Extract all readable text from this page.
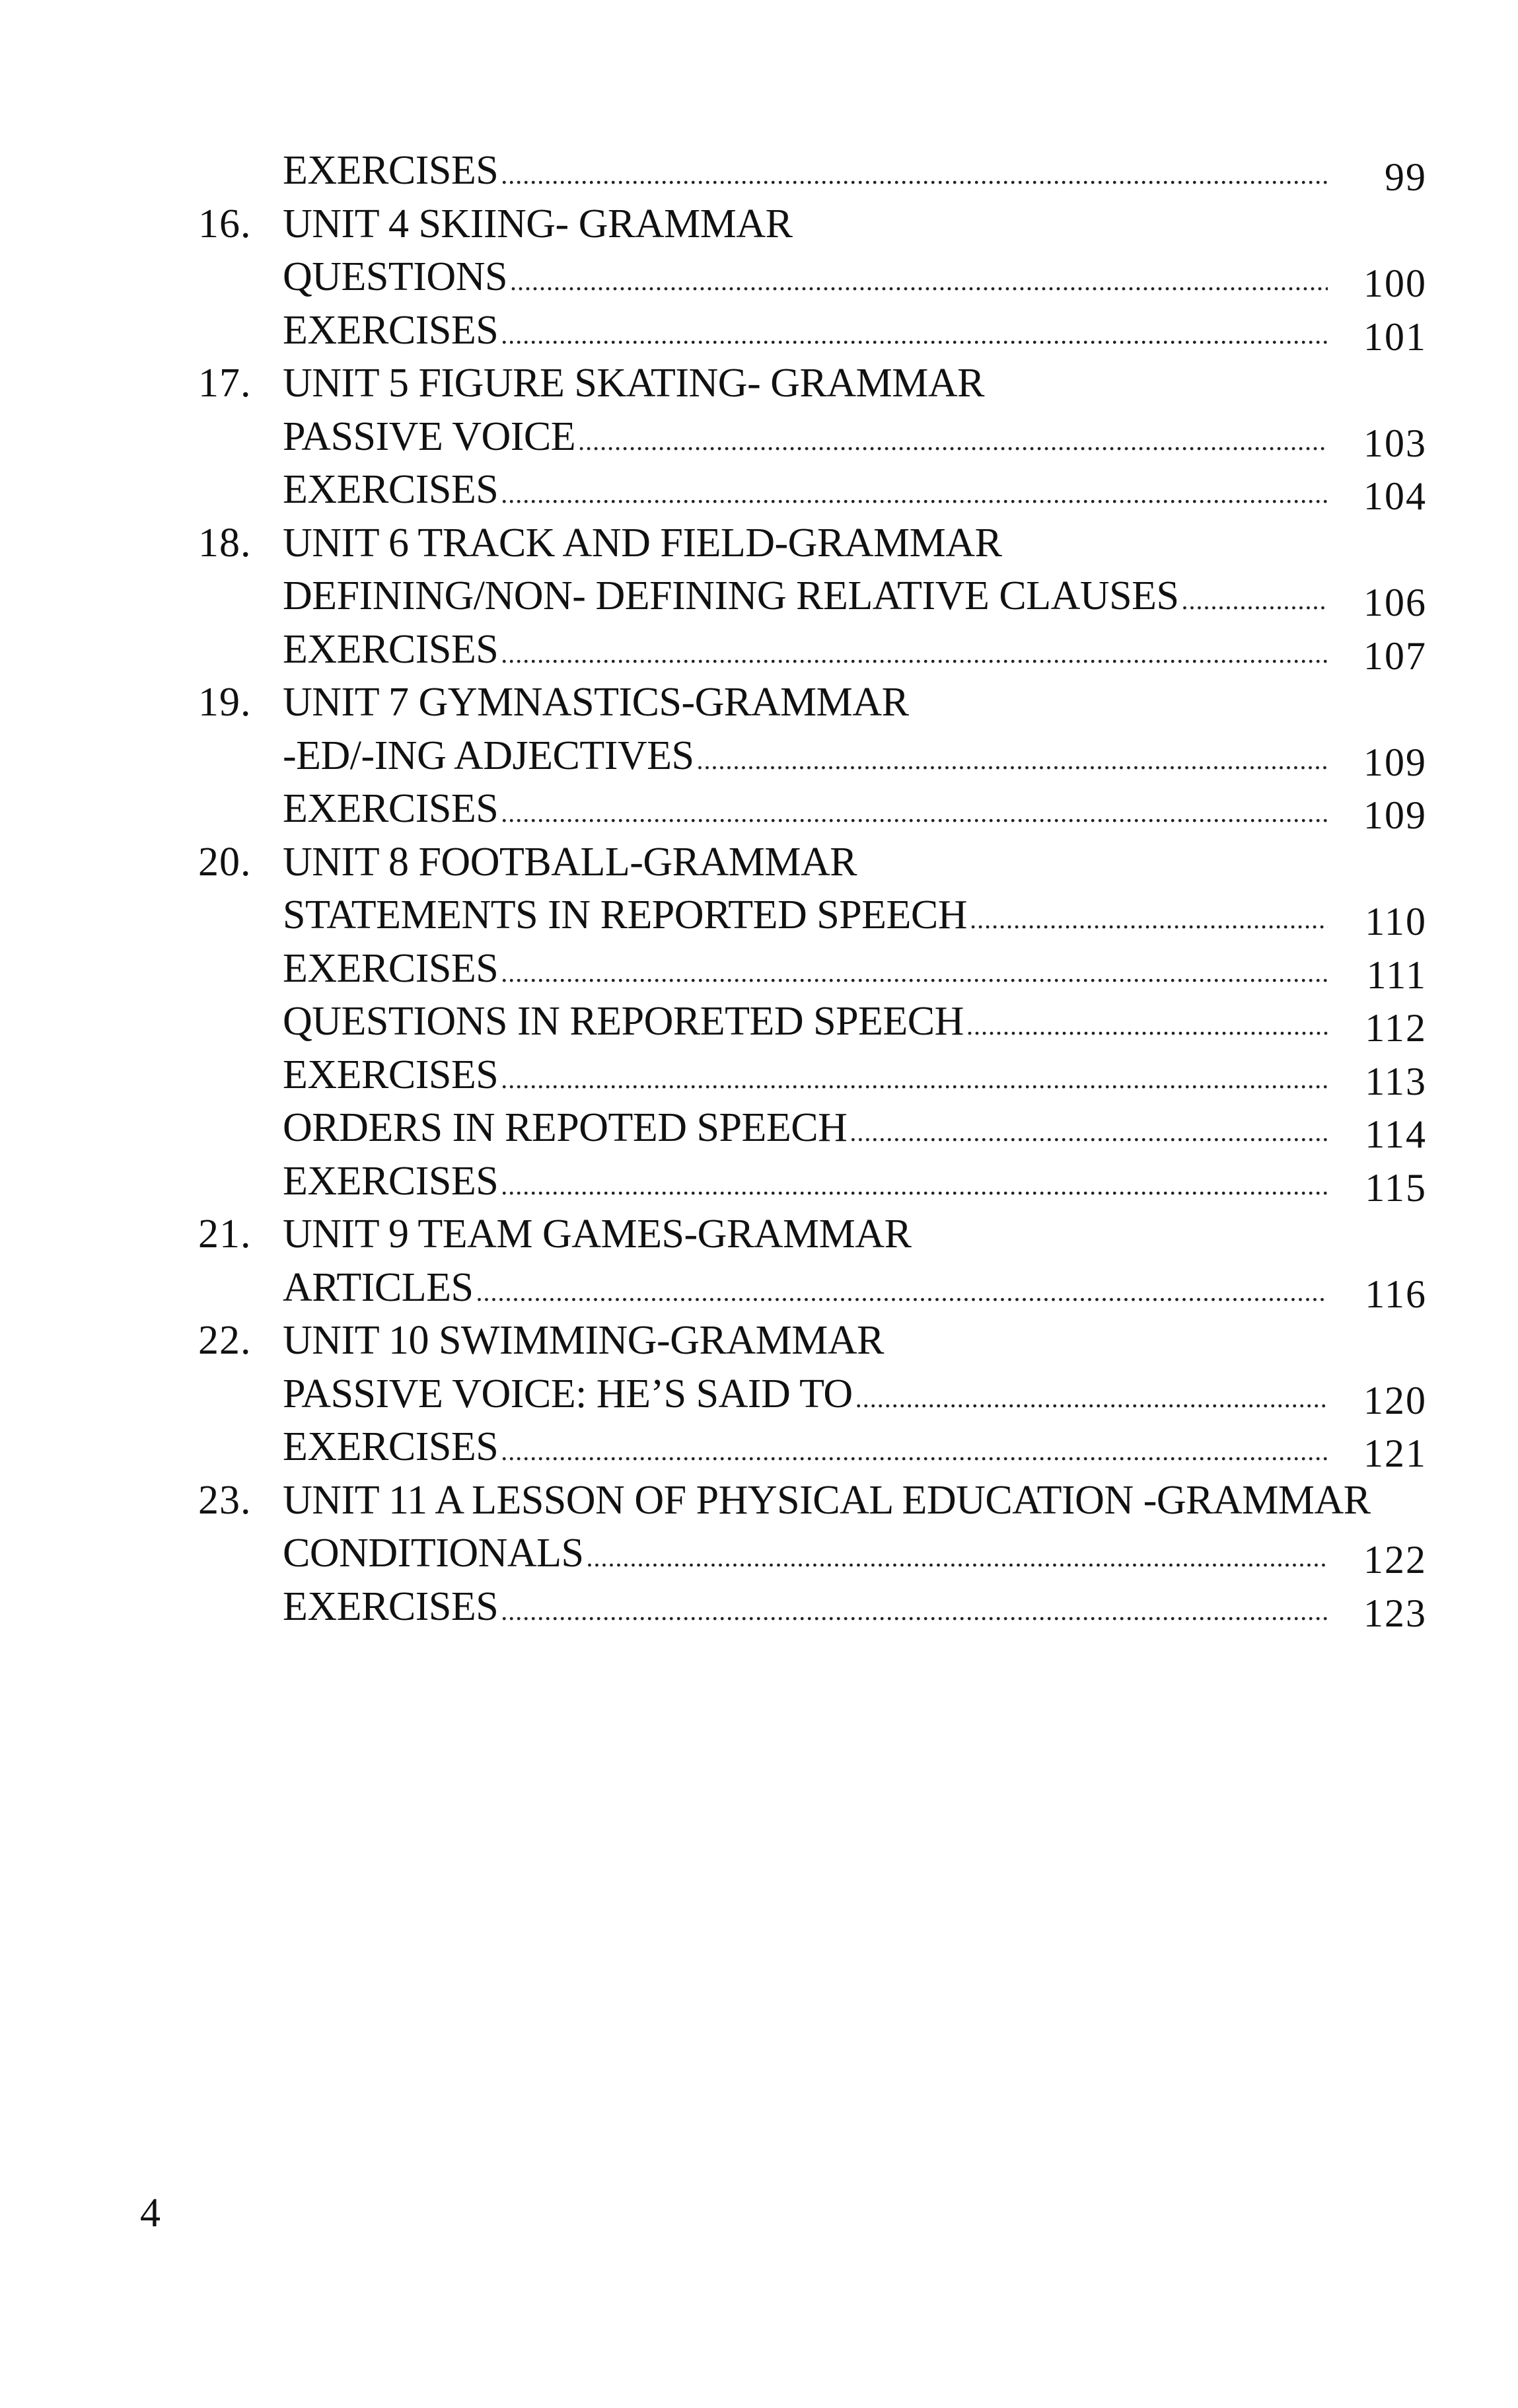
EXERCISES .....	99
16. UNIT 4 SKIING- GRAMMAR
QUESTIONS .....	100
EXERCISES .....	101
17. UNIT 5 FIGURE SKATING- GRAMMAR
PASSIVE VOICE .....	103
EXERCISES .....	104
18. UNIT 6 TRACK AND FIELD-GRAMMAR
DEFINING/NON- DEFINING RELATIVE CLAUSES .....	106
EXERCISES .....	107
19. UNIT 7 GYMNASTICS-GRAMMAR
-ED/-ING ADJECTIVES .....	109
EXERCISES .....	109
20. UNIT 8 FOOTBALL-GRAMMAR
STATEMENTS IN REPORTED SPEECH .....	110
EXERCISES .....	111
QUESTIONS IN REPORETED SPEECH .....	112
EXERCISES .....	113
ORDERS IN REPOTED SPEECH .....	114
EXERCISES .....	115
21. UNIT 9 TEAM GAMES-GRAMMAR
ARTICLES .....	116
22. UNIT 10 SWIMMING-GRAMMAR
PASSIVE VOICE: HE’S SAID TO .....	120
EXERCISES .....	121
23. UNIT 11 A LESSON OF PHYSICAL EDUCATION -GRAMMAR
CONDITIONALS .....	122
EXERCISES .....	123
4
